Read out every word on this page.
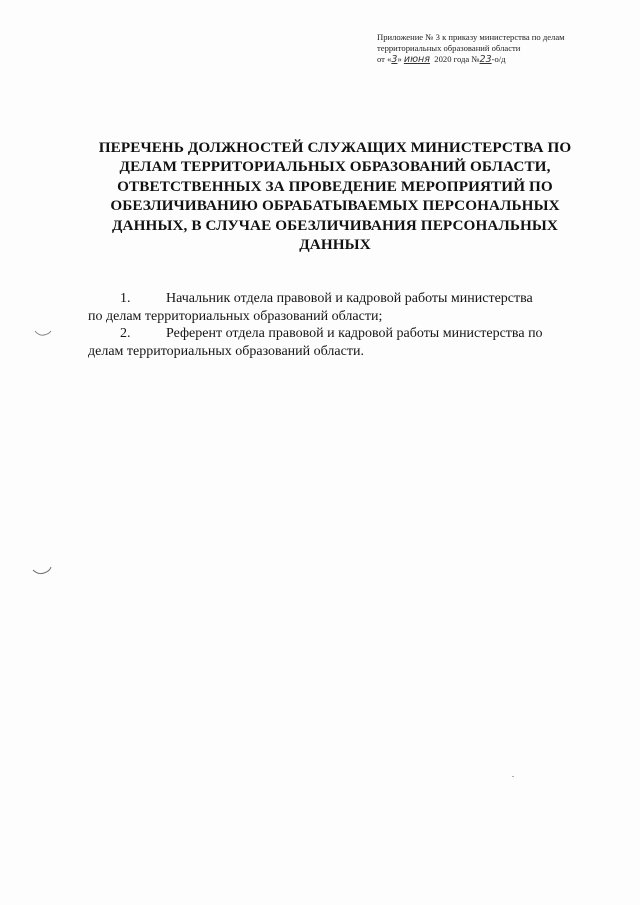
Приложение № 3 к приказу министерства по делам
территориальных образований области
от «3» июня 2020 года №23-о/д
ПЕРЕЧЕНЬ ДОЛЖНОСТЕЙ СЛУЖАЩИХ МИНИСТЕРСТВА ПО
ДЕЛАМ ТЕРРИТОРИАЛЬНЫХ ОБРАЗОВАНИЙ ОБЛАСТИ,
ОТВЕТСТВЕННЫХ ЗА ПРОВЕДЕНИЕ МЕРОПРИЯТИЙ ПО
ОБЕЗЛИЧИВАНИЮ ОБРАБАТЫВАЕМЫХ ПЕРСОНАЛЬНЫХ
ДАННЫХ, В СЛУЧАЕ ОБЕЗЛИЧИВАНИЯ ПЕРСОНАЛЬНЫХ
ДАННЫХ

1.	Начальник отдела правовой и кадровой работы министерства
по делам территориальных образований области;

2.	Референт отдела правовой и кадровой работы министерства по
делам территориальных образований области.
